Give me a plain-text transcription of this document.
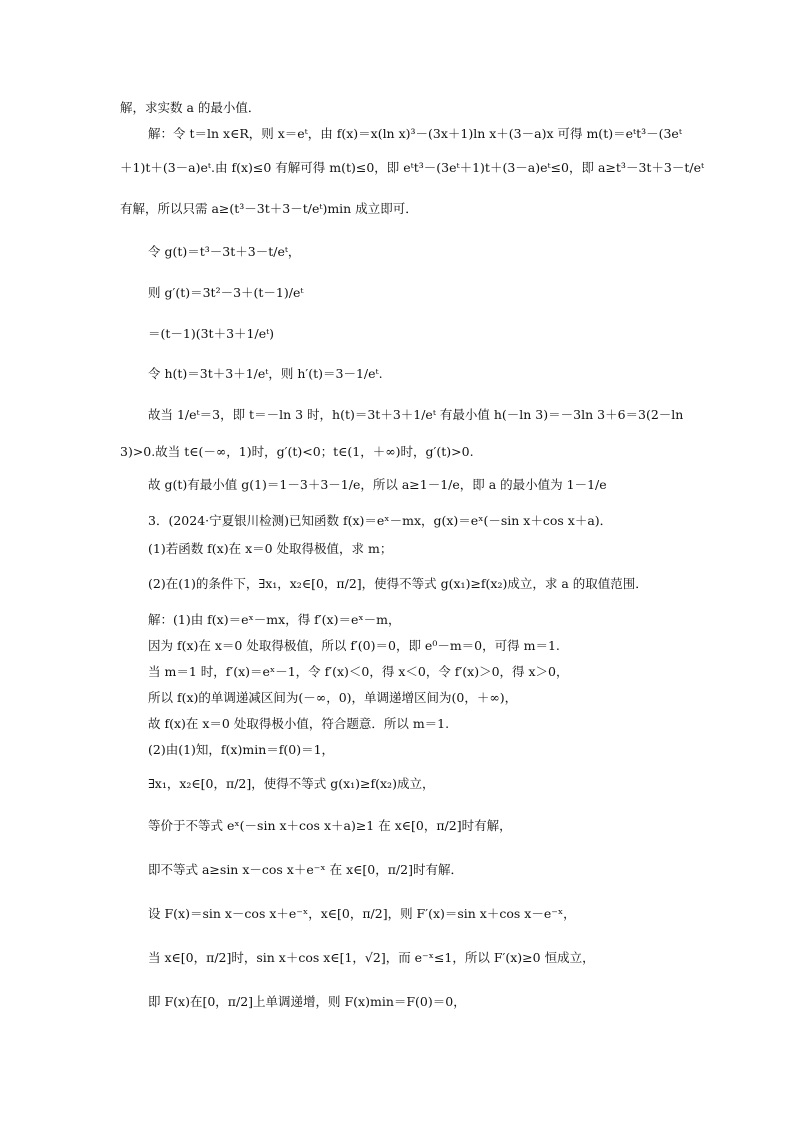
解，求实数 a 的最小值．
解：令 t＝ln x∈R，则 x＝eᵗ，由 f(x)＝x(ln x)³－(3x＋1)ln x＋(3－a)x 可得 m(t)＝eᵗt³－(3eᵗ
＋1)t＋(3－a)eᵗ.由 f(x)≤0 有解可得 m(t)≤0，即 eᵗt³－(3eᵗ＋1)t＋(3－a)eᵗ≤0，即 a≥t³－3t＋3－t/eᵗ
有解，所以只需 a≥(t³－3t＋3－t/eᵗ)min 成立即可．
令 g(t)＝t³－3t＋3－t/eᵗ，
则 g′(t)＝3t²－3＋(t－1)/eᵗ
＝(t－1)(3t＋3＋1/eᵗ)
令 h(t)＝3t＋3＋1/eᵗ，则 h′(t)＝3－1/eᵗ.
故当 1/eᵗ＝3，即 t＝－ln 3 时，h(t)＝3t＋3＋1/eᵗ 有最小值 h(－ln 3)＝－3ln 3＋6＝3(2－ln
3)>0.故当 t∈(－∞，1)时，g′(t)<0；t∈(1，＋∞)时，g′(t)>0.
故 g(t)有最小值 g(1)＝1－3＋3－1/e，所以 a≥1－1/e，即 a 的最小值为 1－1/e
3．(2024·宁夏银川检测)已知函数 f(x)＝eˣ－mx，g(x)＝eˣ(－sin x＋cos x＋a)．
(1)若函数 f(x)在 x＝0 处取得极值，求 m；
(2)在(1)的条件下，∃x₁，x₂∈[0，π/2]，使得不等式 g(x₁)≥f(x₂)成立，求 a 的取值范围．
解：(1)由 f(x)＝eˣ－mx，得 f′(x)＝eˣ－m，
因为 f(x)在 x＝0 处取得极值，所以 f′(0)＝0，即 e⁰－m＝0，可得 m＝1.
当 m＝1 时，f′(x)＝eˣ－1，令 f′(x)＜0，得 x＜0，令 f′(x)＞0，得 x＞0，
所以 f(x)的单调递减区间为(－∞，0)，单调递增区间为(0，＋∞)，
故 f(x)在 x＝0 处取得极小值，符合题意．所以 m＝1.
(2)由(1)知，f(x)min＝f(0)＝1，
∃x₁，x₂∈[0，π/2]，使得不等式 g(x₁)≥f(x₂)成立，
等价于不等式 eˣ(－sin x＋cos x＋a)≥1 在 x∈[0，π/2]时有解，
即不等式 a≥sin x－cos x＋e⁻ˣ 在 x∈[0，π/2]时有解．
设 F(x)＝sin x－cos x＋e⁻ˣ，x∈[0，π/2]，则 F′(x)＝sin x＋cos x－e⁻ˣ，
当 x∈[0，π/2]时，sin x＋cos x∈[1，√2]，而 e⁻ˣ≤1，所以 F′(x)≥0 恒成立，
即 F(x)在[0，π/2]上单调递增，则 F(x)min＝F(0)＝0，
